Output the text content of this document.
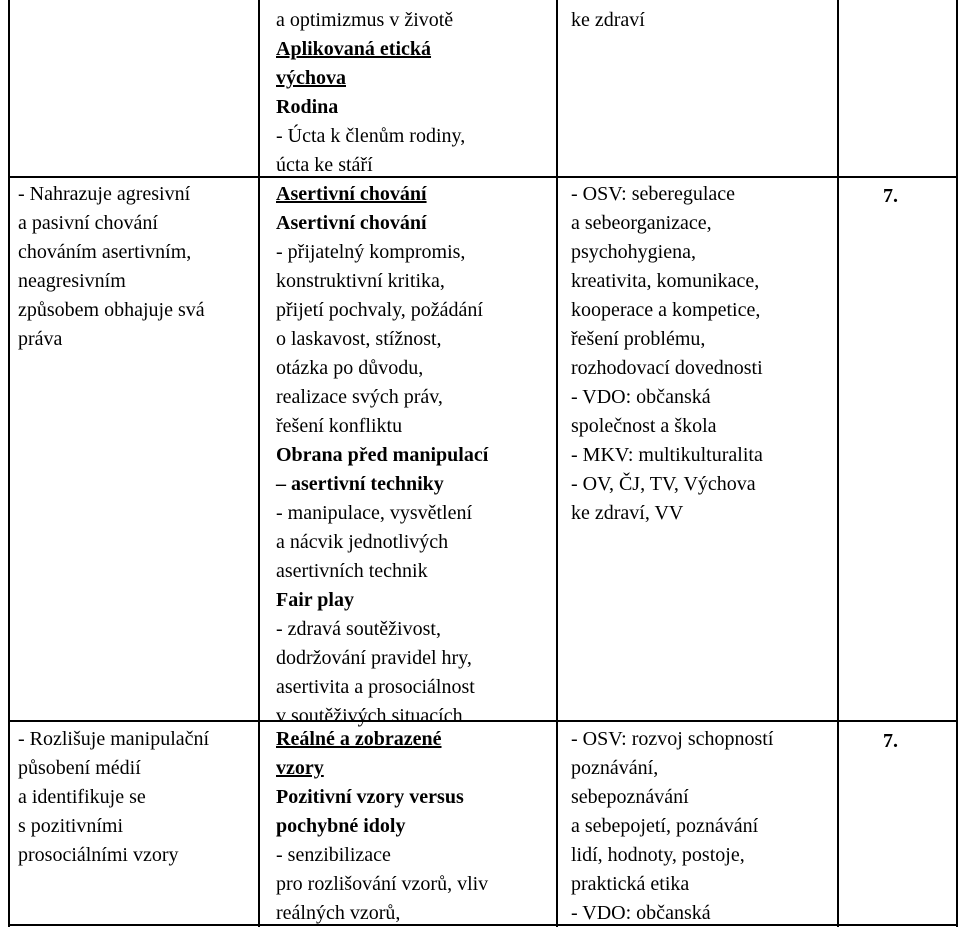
a optimizmus v životě
Aplikovaná etická
výchova
Rodina
- Úcta k členům rodiny,
úcta ke stáří
ke zdraví
- Nahrazuje agresivní
a pasivní chování
chováním asertivním,
neagresivním
způsobem obhajuje svá
práva
Asertivní chování
Asertivní chování
- přijatelný kompromis,
konstruktivní kritika,
přijetí pochvaly, požádání
o laskavost, stížnost,
otázka po důvodu,
realizace svých práv,
řešení konfliktu
Obrana před manipulací
– asertivní techniky
- manipulace, vysvětlení
a nácvik jednotlivých
asertivních technik
Fair play
- zdravá soutěživost,
dodržování pravidel hry,
asertivita a prosociálnost
v soutěživých situacích
- OSV: seberegulace
a sebeorganizace,
psychohygiena,
kreativita, komunikace,
kooperace a kompetice,
řešení problému,
rozhodovací dovednosti
- VDO: občanská
společnost a škola
- MKV: multikulturalita
- OV, ČJ, TV, Výchova
ke zdraví, VV
7.
- Rozlišuje manipulační
působení médií
a identifikuje se
s pozitivními
prosociálními vzory
Reálné a zobrazené
vzory
Pozitivní vzory versus
pochybné idoly
- senzibilizace
pro rozlišování vzorů, vliv
reálných vzorů,
- OSV: rozvoj schopností
poznávání,
sebepoznávání
a sebepojetí, poznávání
lidí, hodnoty, postoje,
praktická etika
- VDO: občanská
7.
